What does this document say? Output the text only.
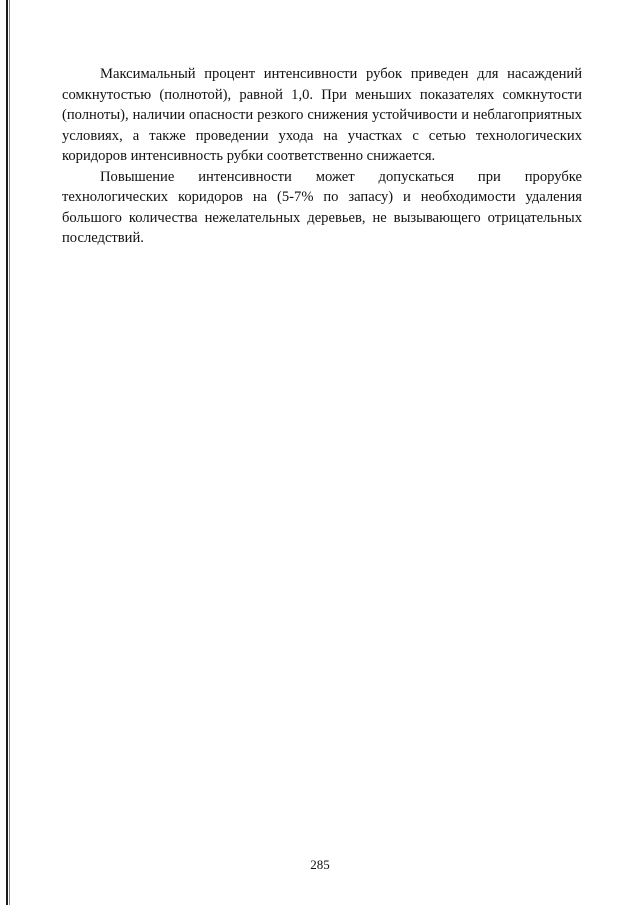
Максимальный процент интенсивности рубок приведен для насаждений сомкнутостью (полнотой), равной 1,0. При меньших показателях сомкнутости (полноты), наличии опасности резкого снижения устойчивости и неблагоприятных условиях, а также проведении ухода на участках с сетью технологических коридоров интенсивность рубки соответственно снижается.

Повышение интенсивности может допускаться при прорубке технологических коридоров на (5-7% по запасу) и необходимости удаления большого количества нежелательных деревьев, не вызывающего отрицательных последствий.

285
